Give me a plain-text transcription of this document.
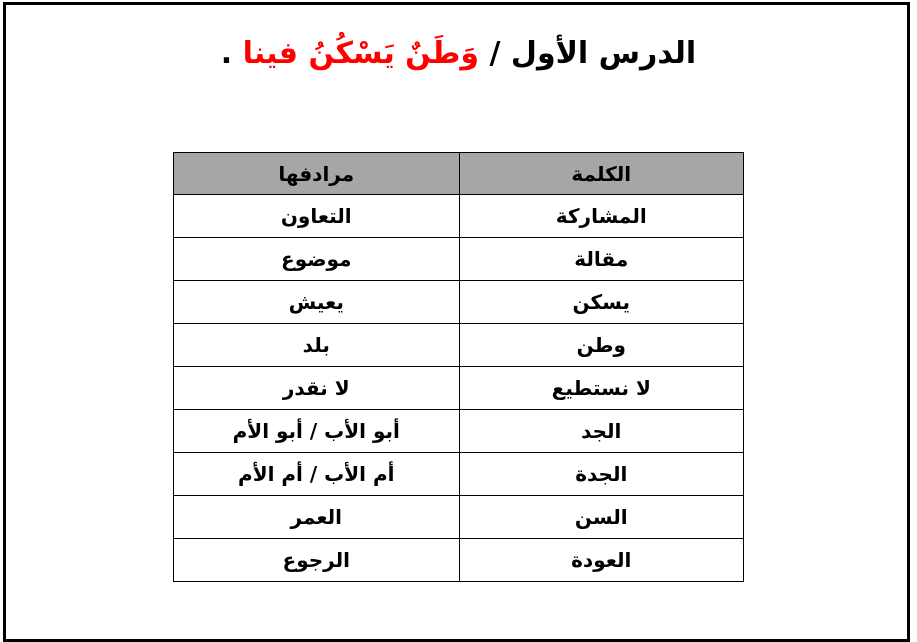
الدرس الأول / وَطَنٌ يَسْكُنُ فينا .
الكلمة	مرادفها
المشاركة	التعاون
مقالة	موضوع
يسكن	يعيش
وطن	بلد
لا نستطيع	لا نقدر
الجد	أبو الأب / أبو الأم
الجدة	أم الأب / أم الأم
السن	العمر
العودة	الرجوع
